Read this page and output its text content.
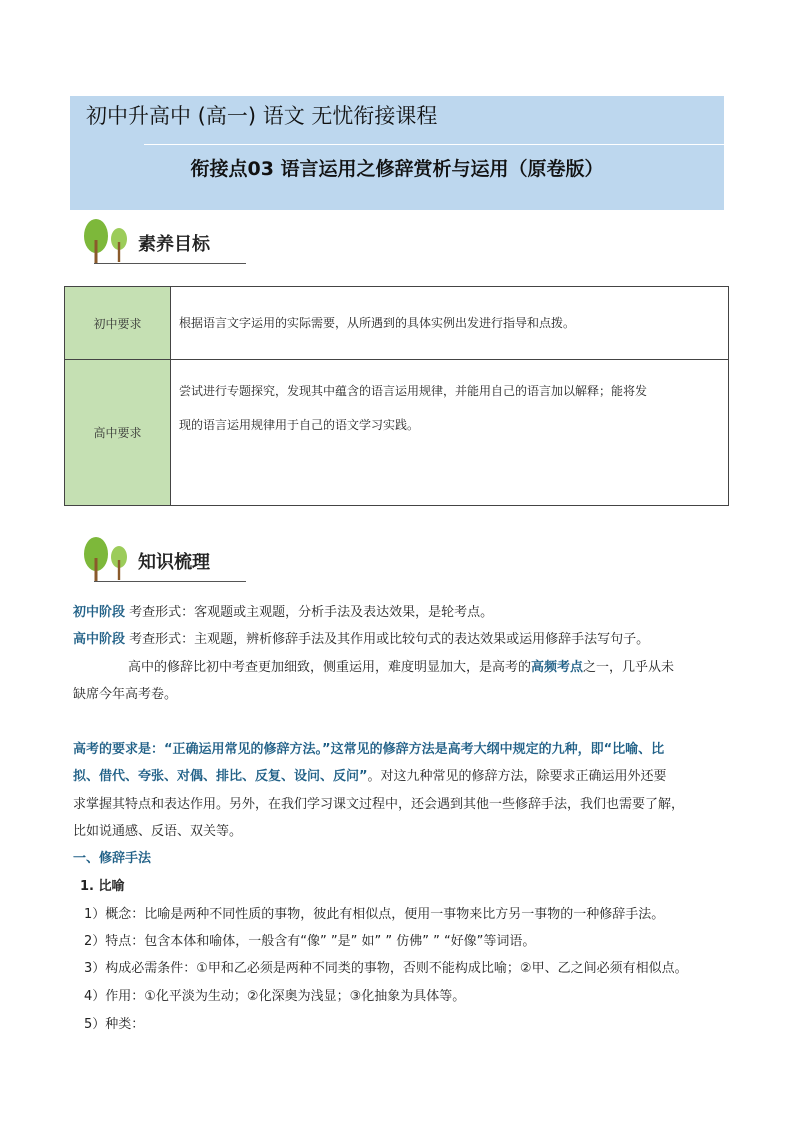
初中升高中 (高一) 语文 无忧衔接课程
衔接点03 语言运用之修辞赏析与运用（原卷版）
素养目标
初中要求	根据语言文字运用的实际需要，从所遇到的具体实例出发进行指导和点拨。
高中要求	尝试进行专题探究，发现其中蕴含的语言运用规律，并能用自己的语言加以解释；能将发
现的语言运用规律用于自己的语文学习实践。
知识梳理
初中阶段 考查形式：客观题或主观题，分析手法及表达效果，是轮考点。
高中阶段 考查形式：主观题，辨析修辞手法及其作用或比较句式的表达效果或运用修辞手法写句子。
高中的修辞比初中考查更加细致，侧重运用，难度明显加大，是高考的高频考点之一，几乎从未
缺席今年高考卷。
高考的要求是：“正确运用常见的修辞方法。”这常见的修辞方法是高考大纲中规定的九种，即“比喻、比
拟、借代、夸张、对偶、排比、反复、设问、反问”。对这九种常见的修辞方法，除要求正确运用外还要
求掌握其特点和表达作用。另外，在我们学习课文过程中，还会遇到其他一些修辞手法，我们也需要了解，
比如说通感、反语、双关等。
一、修辞手法
1. 比喻
1）概念：比喻是两种不同性质的事物，彼此有相似点，便用一事物来比方另一事物的一种修辞手法。
2）特点：包含本体和喻体，一般含有“像” ”是” 如” ” 仿佛” ” “好像”等词语。
3）构成必需条件：①甲和乙必须是两种不同类的事物，否则不能构成比喻；②甲、乙之间必须有相似点。
4）作用：①化平淡为生动；②化深奥为浅显；③化抽象为具体等。
5）种类：
